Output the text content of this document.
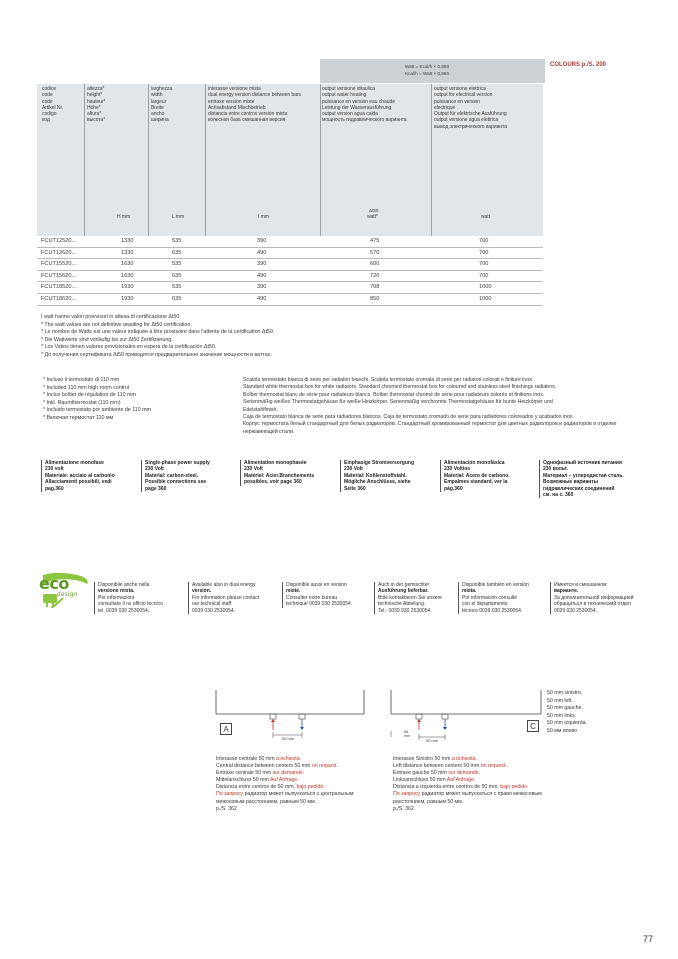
Watt = Kcal/h × 0,860
Kcal/h = Watt × 0,860
COLOURS p./S. 200
codice
code
code
Artikel Nr.
codigo
код
altezza*
height*
hauteur*
Höhe*
altura*
высота*
larghezza
width
largeur
Breite
ancho
ширина
interasse versione mista
dual energy version distance between bars
entraxe version mixte
Achsabstand Mischbetrieb
distancia entre centros versión mixta
колесная база смешанная версия
output versione idraulica
output water heating
puissance en version eau chaude
Leistung der Wasserausführung
output version agua calda
мощность гидравлического варианта
output versione elettrica
output for electrical version
puissance en version
electrique
Output für elektrische Ausführung
output versione agua elettrica
вывод электрического варианта
H mm	L mm	I mm
Δt50
watt*	watt
FCUT12520...	1330	535	390	475	700
FCUT12620...	1330	635	490	570	700
FCUT15520...	1630	535	390	600	700
FCUT15620...	1630	635	490	720	700
FCUT18520...	1930	535	390	708	1000
FCUT18620...	1930	635	490	850	1000
I watt hanno valori provvisori in attesa di certificazione Δt50.
* The watt values are not definitive awaiting for Δt50 certification.
* Le nombre de Watts est une valeur indiquée à titre provisoire dans l'attente de la certification Δt50.
* Die Wattwerte sind vorläufig bis zur Δt50 Zertifizierung.
* Los Vatios tienen valores provisionales en espera de la certificación Δt50.
* До получения сертификата Δt50 приводятся предварительное значение мощности в ваттах.
* Incluso il termostato di 110 mm
* Included 110 mm high room control
* Inclus boîtier de régulation de 110 mm
* Inkl. Raumthermostat (110 mm)
* Incluido termostato por ambiente de 110 mm
* Включая термостат 110 мм
Scatola termostato bianca di serie per radiatori bianchi. Scatola termostato cromata di serie per radiatori colorati e finiture inox.
Standard white thermostat box for white radiators. Standard chromed thermostat box for coloured and stainless steel finishings radiators.
Boîtier thermostat blanc de série pour radiateurs blancs. Boîtier thermostat chromé de série pour radiateurs colorés et finitions inox.
Serienmäßig weißes Thermostatgehäuse für weiße Heizkörper. Serienmäßig verchromte Thermostatgehäuse für bunte Heizkörper und
Edelstahlfinish.
Caja de termostato blanca de serie para radiadores blancos. Caja de termostato cromado de serie para radiadores coloreados y acabados inox.
Корпус термостата белый стандартный для белых радиаторов. Стандартный хромированный термостат для цветных радиаторов и радиаторов в отделке
нержавеющей стали.
Alimentazione monofase
230 volt
Materiale: acciaio al carbonio
Allacciamenti possibili, vedi
pag.360
Single-phase power supply
230 Volt
Material: carbon-steel.
Possible connections see
page 360
Alimentation monophasée
230 Volt
Matériel: Acier.Branchements
possibles, voir page 360
Einphasige Stromversorgung
230 Volt
Material: Kohlenstoffstahl.
Mögliche Anschlüsse, siehe
Seite 360
Alimentación monofásica
230 Voltios
Material: Acero de carbono.
Empalmes standard, ver la
pág.360
Однофазный источник питания
230 вольт.
Материал – углеродистая сталь.
Возможные варианты
гидравлических соединений
см. на с. 360
eco
design
Disponibile anche nella
versione mista.
Per informazioni
consultare il ns ufficio tecnico
tel. 0039 030 2530054.
Available also in dual energy
version.
For information please contact
our technical staff
0039 030 2530054.
Disponible aussi en version
mixte.
Consulter notre bureau
technique 0039 030 2530054.
Auch in der gemischter
Ausführung lieferbar.
Bitte kontaktieren Sie unsere
technische Abteilung.
Tel.: 0039 030 2530054.
Disponible también en versión
mixta.
Por información consulte
con el departamento
técnico 0039 030 2530054.
Имеется в смешанном
варианте.
За дополнительной информацией
обращаться в технический отдел
0039 030 2530054.
50 mm
A
Interasse centrale 50 mm a richiesta.
Central distance between centers 50 mm on request.
Entraxe centrale 50 mm sur demande.
Mittelanschluss 50 mm Auf Anfrage.
Distancia entre centros de 50 mm, bajo pedido.
По запросу радиатор может выпускаться с центральным
межосевым расстоянием, равным 50 мм.
p./S. 362
58 mm
50 mm
C
50 mm sinistro.
50 mm left.
50 mm gauche.
50 mm links.
50 mm izquierda.
50 мм влево
Interasse Sinistro 50 mm a richiesta.
Left distance between centers 50 mm on request.
Entraxe gauche 50 mm sur demande.
Linksanschluss 50 mm Auf Anfrage.
Distancia a izquierda entre centros de 50 mm, bajo pedido.
По запросу радиатор может выпускаться с право межосевым
расстоянием, равным 50 мм.
p./S. 362
77
